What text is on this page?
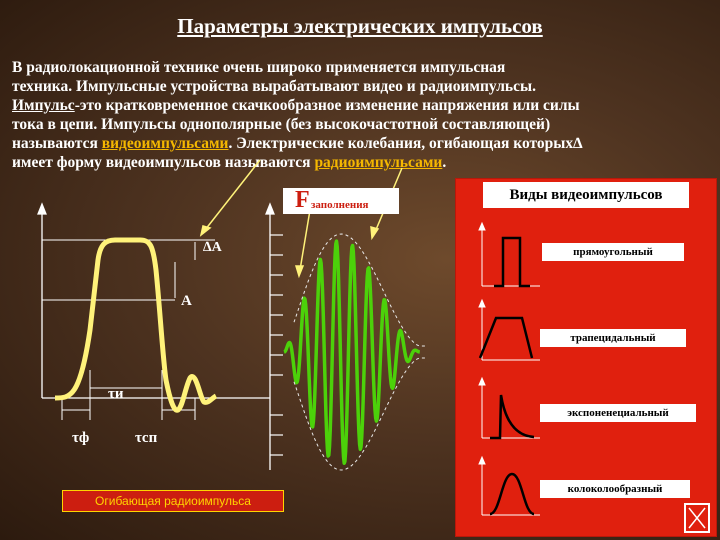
Параметры электрических импульсов
В радиолокационной технике очень широко применяется импульсная
техника. Импульсные устройства вырабатывают видео и радиоимпульсы.
Импульс-это кратковременное скачкообразное изменение напряжения или силы
тока в цепи. Импульсы однополярные (без высокочастотной составляющей)
называются видеоимпульсами. Электрические колебания, огибающая которых∆
имеет форму видеоимпульсов называются радиоимпульсами.
Виды видеоимпульсов
∆A
A
τи
τф	τсп
F заполнения
прямоугольный
трапецидальный
экспоненециальный
колоколообразный
Огибающая радиоимпульса
